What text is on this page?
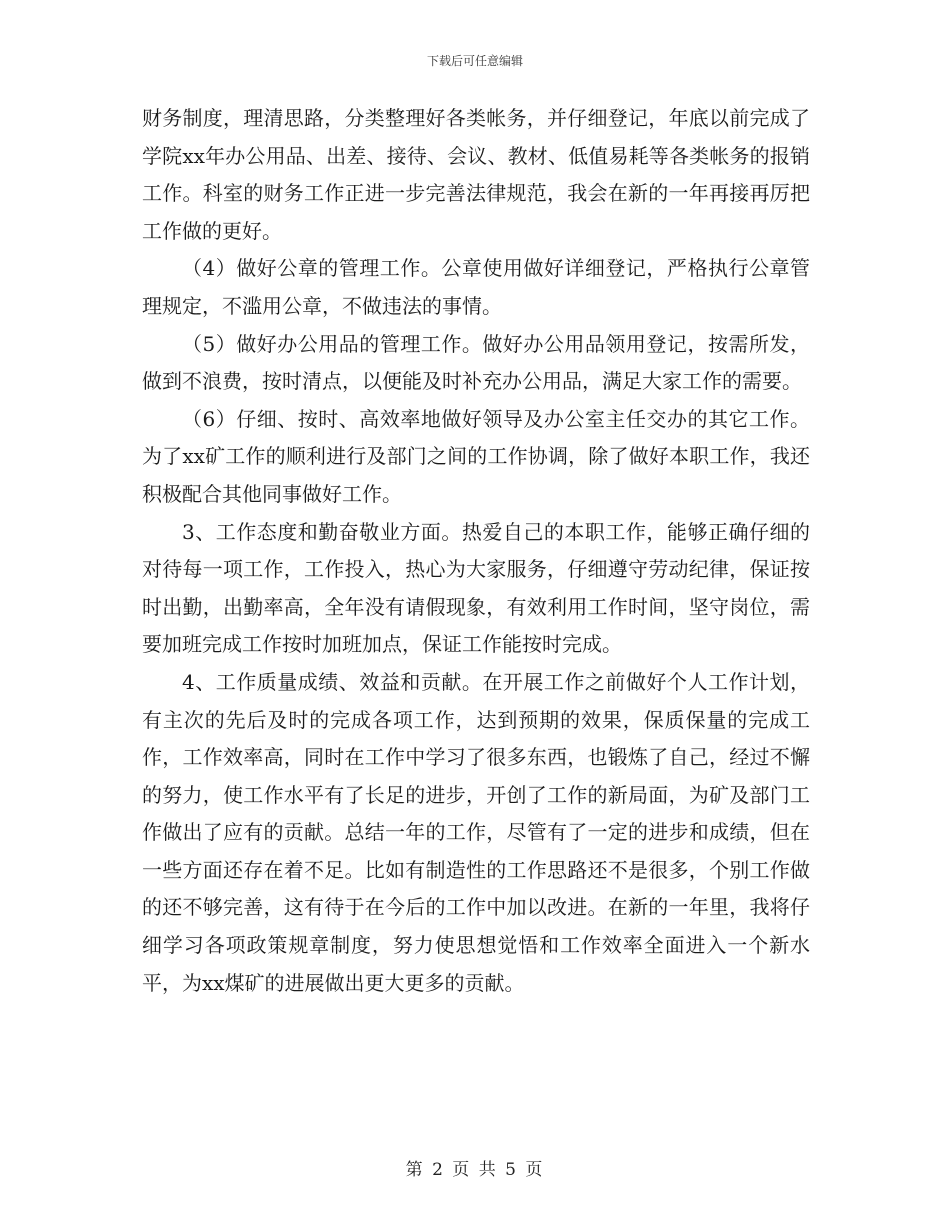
下载后可任意编辑

财务制度，理清思路，分类整理好各类帐务，并仔细登记，年底以前完成了学院xx年办公用品、出差、接待、会议、教材、低值易耗等各类帐务的报销工作。科室的财务工作正进一步完善法律规范，我会在新的一年再接再厉把工作做的更好。

（4）做好公章的管理工作。公章使用做好详细登记，严格执行公章管理规定，不滥用公章，不做违法的事情。

（5）做好办公用品的管理工作。做好办公用品领用登记，按需所发，做到不浪费，按时清点，以便能及时补充办公用品，满足大家工作的需要。

（6）仔细、按时、高效率地做好领导及办公室主任交办的其它工作。为了xx矿工作的顺利进行及部门之间的工作协调，除了做好本职工作，我还积极配合其他同事做好工作。

3、工作态度和勤奋敬业方面。热爱自己的本职工作，能够正确仔细的对待每一项工作，工作投入，热心为大家服务，仔细遵守劳动纪律，保证按时出勤，出勤率高，全年没有请假现象，有效利用工作时间，坚守岗位，需要加班完成工作按时加班加点，保证工作能按时完成。

4、工作质量成绩、效益和贡献。在开展工作之前做好个人工作计划，有主次的先后及时的完成各项工作，达到预期的效果，保质保量的完成工作，工作效率高，同时在工作中学习了很多东西，也锻炼了自己，经过不懈的努力，使工作水平有了长足的进步，开创了工作的新局面，为矿及部门工作做出了应有的贡献。总结一年的工作，尽管有了一定的进步和成绩，但在一些方面还存在着不足。比如有制造性的工作思路还不是很多，个别工作做的还不够完善，这有待于在今后的工作中加以改进。在新的一年里，我将仔细学习各项政策规章制度，努力使思想觉悟和工作效率全面进入一个新水平，为xx煤矿的进展做出更大更多的贡献。

第 2 页 共 5 页
